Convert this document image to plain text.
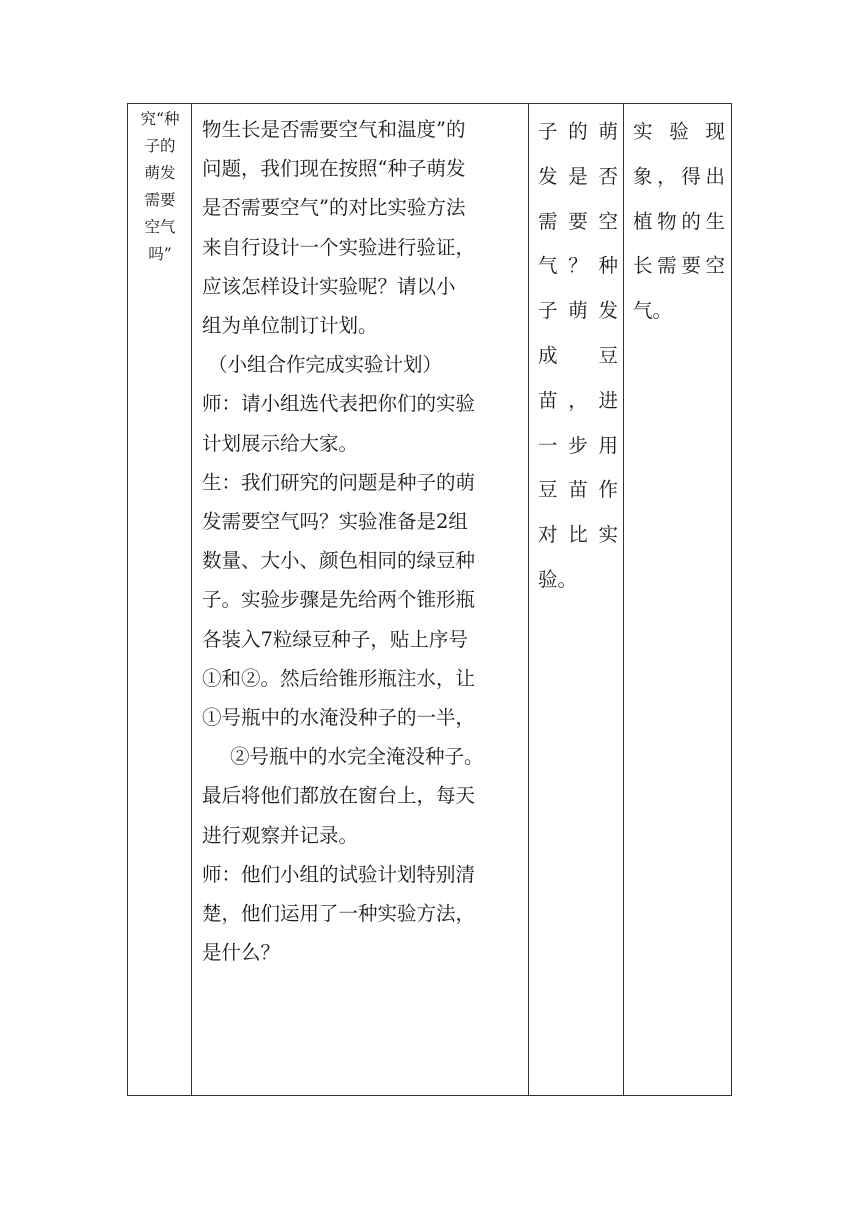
究“种
子的
萌发
需要
空气
吗”
物生长是否需要空气和温度”的
问题，我们现在按照“种子萌发
是否需要空气”的对比实验方法
来自行设计一个实验进行验证，
应该怎样设计实验呢？请以小
组为单位制订计划。
（小组合作完成实验计划）
师：请小组选代表把你们的实验
计划展示给大家。
生：我们研究的问题是种子的萌
发需要空气吗？实验准备是2组
数量、大小、颜色相同的绿豆种
子。实验步骤是先给两个锥形瓶
各装入7粒绿豆种子，贴上序号
①和②。然后给锥形瓶注水，让
①号瓶中的水淹没种子的一半，
②号瓶中的水完全淹没种子。
最后将他们都放在窗台上，每天
进行观察并记录。
师：他们小组的试验计划特别清
楚，他们运用了一种实验方法，
是什么？
子的萌
发是否
需要空
气？种
子萌发
成 豆
苗，进
一步用
豆苗作
对比实
验。
实验现
象，得出
植物的生
长需要空
气。
